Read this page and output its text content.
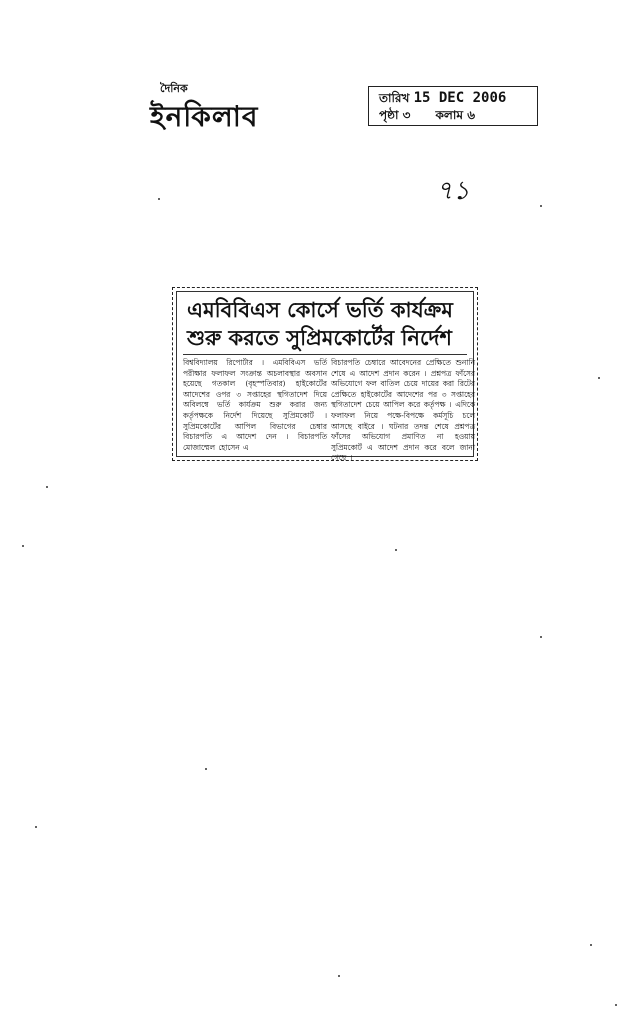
দৈনিক
ইনকিলাব
তারিখ 15 DEC 2006
পৃষ্ঠা ৩ কলাম ৬
৭১
এমবিবিএস কোর্সে ভর্তি কার্যক্রম
শুরু করতে সুপ্রিমকোর্টের নির্দেশ
বিশ্ববিদ্যালয় রিপোর্টার । এমবিবিএস ভর্তি পরীক্ষার ফলাফল সংক্রান্ত অচলাবস্থার অবসান হয়েছে গতকাল (বৃহস্পতিবার) হাইকোর্টের আদেশের ওপর ৩ সপ্তাহের স্থগিতাদেশ দিয়ে অবিলম্বে ভর্তি কার্যক্রম শুরু করার জন্য কর্তৃপক্ষকে নির্দেশ দিয়েছে সুপ্রিমকোর্ট । সুপ্রিমকোর্টের আপিল বিভাগের চেম্বার বিচারপতি এ আদেশ দেন । বিচারপতি মোজাম্মেল হোসেন এ
বিচারপতি চেম্বারে আবেদনের প্রেক্ষিতে শুনানি শেষে এ আদেশ প্রদান করেন । প্রশ্নপত্র ফাঁসের অভিযোগে ফল বাতিল চেয়ে দায়ের করা রিটের প্রেক্ষিতে হাইকোর্টের আদেশের পর ৩ সপ্তাহের স্থগিতাদেশ চেয়ে আপিল করে কর্তৃপক্ষ । এদিকে ফলাফল নিয়ে পক্ষে-বিপক্ষে কর্মসূচি চলে আসছে বাইরে । ঘটনার তদন্ত শেষে প্রশ্নপত্র ফাঁসের অভিযোগ প্রমাণিত না হওয়ায় সুপ্রিমকোর্ট এ আদেশ প্রদান করে বলে জানা গেছে ।
